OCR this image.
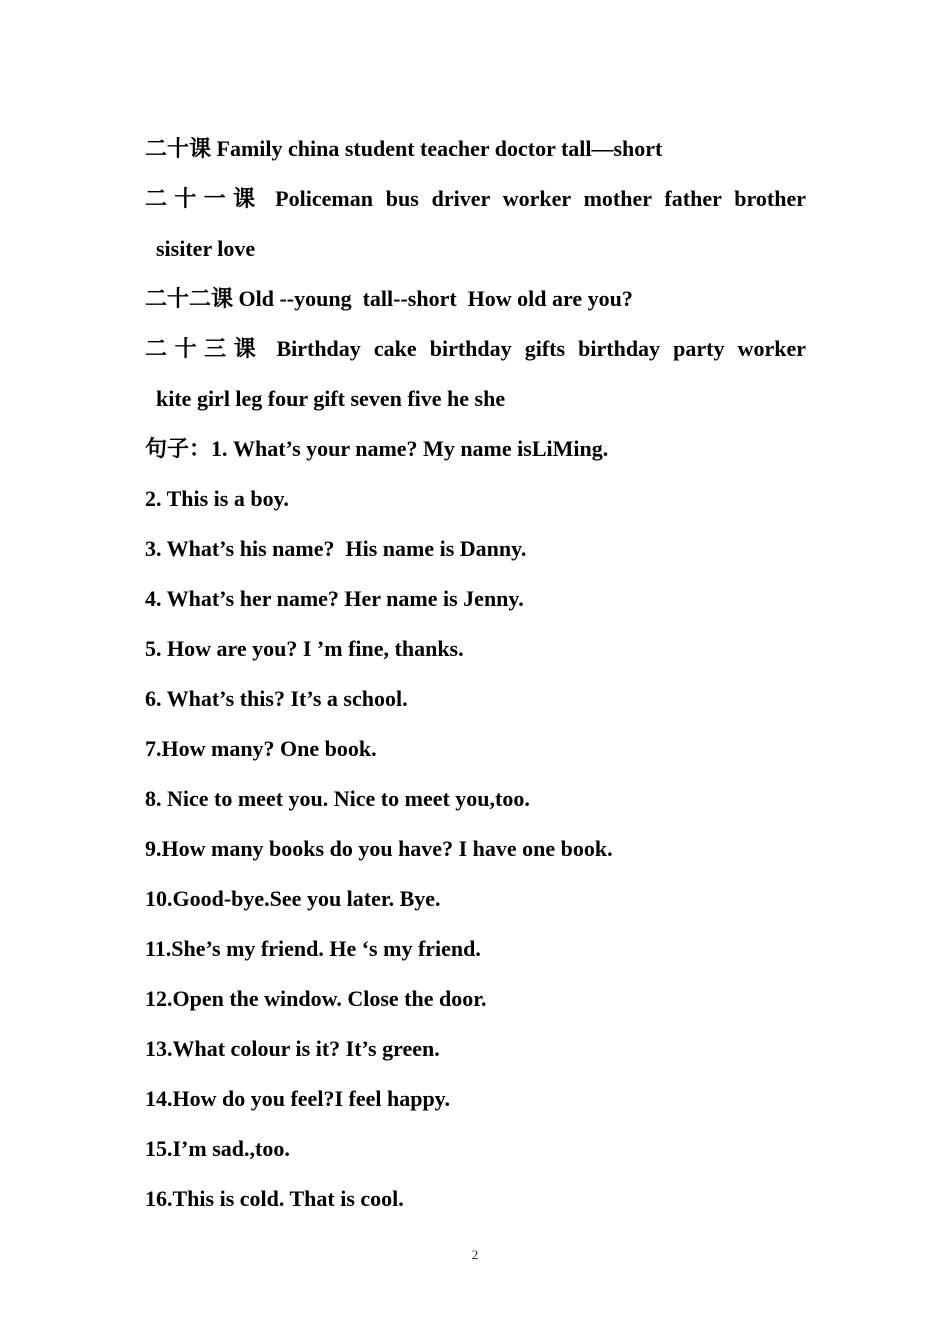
二十课 Family china student teacher doctor tall—short
二十一课 Policeman bus driver worker mother father brother
sisiter love
二十二课 Old --young  tall--short  How old are you?
二十三课 Birthday cake birthday gifts birthday party worker
kite girl leg four gift seven five he she
句子：1. What’s your name? My name isLiMing.
2. This is a boy.
3. What’s his name?  His name is Danny.
4. What’s her name? Her name is Jenny.
5. How are you? I ’m fine, thanks.
6. What’s this? It’s a school.
7.How many? One book.
8. Nice to meet you. Nice to meet you,too.
9.How many books do you have? I have one book.
10.Good-bye.See you later. Bye.
11.She’s my friend. He ‘s my friend.
12.Open the window. Close the door.
13.What colour is it? It’s green.
14.How do you feel?I feel happy.
15.I’m sad.,too.
16.This is cold. That is cool.
2
